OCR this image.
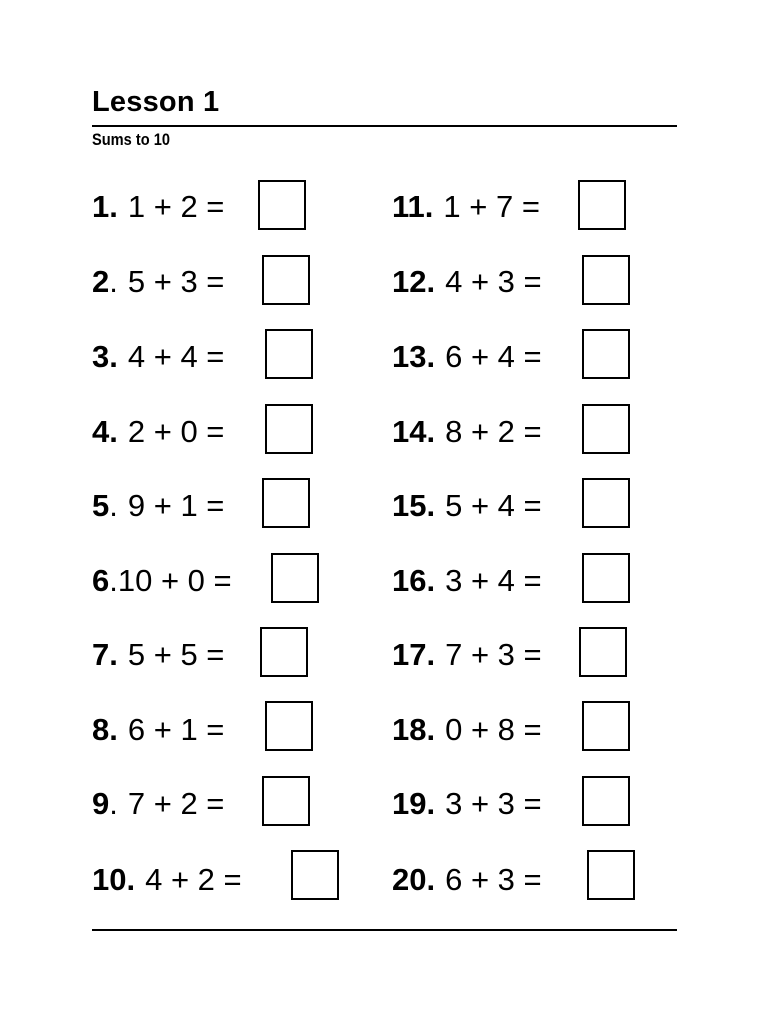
Lesson 1
Sums to 10
1 . 1 + 2 =
2 . 5 + 3 =
3 . 4 + 4 =
4 . 2 + 0 =
5 . 9 + 1 =
6 . 10 + 0 =
7 . 5 + 5 =
8 . 6 + 1 =
9 . 7 + 2 =
10 . 4 + 2 =
11 . 1 + 7 =
12 . 4 + 3 =
13 . 6 + 4 =
14 . 8 + 2 =
15 . 5 + 4 =
16 . 3 + 4 =
17 . 7 + 3 =
18 . 0 + 8 =
19 . 3 + 3 =
20 . 6 + 3 =
